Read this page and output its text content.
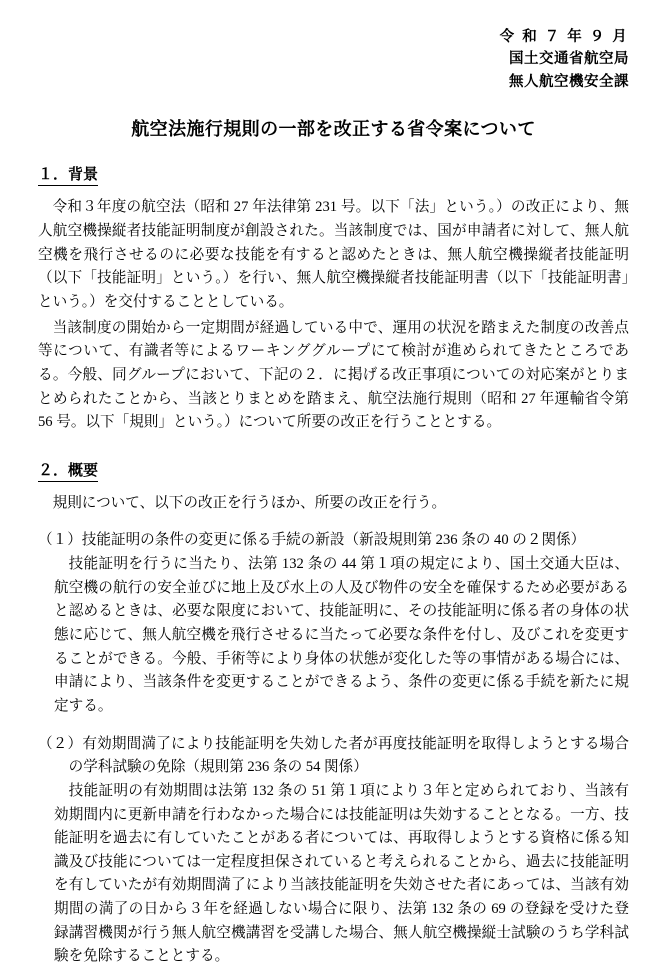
令 和 ７ 年 ９ 月
国土交通省航空局
無人航空機安全課
航空法施行規則の一部を改正する省令案について
１．背景

令和３年度の航空法（昭和 27 年法律第 231 号。以下「法」という。）の改正により、無人航空機操縦者技能証明制度が創設された。当該制度では、国が申請者に対して、無人航空機を飛行させるのに必要な技能を有すると認めたときは、無人航空機操縦者技能証明（以下「技能証明」という。）を行い、無人航空機操縦者技能証明書（以下「技能証明書」という。）を交付することとしている。

当該制度の開始から一定期間が経過している中で、運用の状況を踏まえた制度の改善点等について、有識者等によるワーキンググループにて検討が進められてきたところである。今般、同グループにおいて、下記の２．に掲げる改正事項についての対応案がとりまとめられたことから、当該とりまとめを踏まえ、航空法施行規則（昭和 27 年運輸省令第 56 号。以下「規則」という。）について所要の改正を行うこととする。

２．概要

規則について、以下の改正を行うほか、所要の改正を行う。

（１）技能証明の条件の変更に係る手続の新設（新設規則第 236 条の 40 の２関係）

技能証明を行うに当たり、法第 132 条の 44 第１項の規定により、国土交通大臣は、航空機の航行の安全並びに地上及び水上の人及び物件の安全を確保するため必要があると認めるときは、必要な限度において、技能証明に、その技能証明に係る者の身体の状態に応じて、無人航空機を飛行させるに当たって必要な条件を付し、及びこれを変更することができる。今般、手術等により身体の状態が変化した等の事情がある場合には、申請により、当該条件を変更することができるよう、条件の変更に係る手続を新たに規定する。

（２）有効期間満了により技能証明を失効した者が再度技能証明を取得しようとする場合の学科試験の免除（規則第 236 条の 54 関係）

技能証明の有効期間は法第 132 条の 51 第１項により３年と定められており、当該有効期間内に更新申請を行わなかった場合には技能証明は失効することとなる。一方、技能証明を過去に有していたことがある者については、再取得しようとする資格に係る知識及び技能については一定程度担保されていると考えられることから、過去に技能証明を有していたが有効期間満了により当該技能証明を失効させた者にあっては、当該有効期間の満了の日から３年を経過しない場合に限り、法第 132 条の 69 の登録を受けた登録講習機関が行う無人航空機講習を受講した場合、無人航空機操縦士試験のうち学科試験を免除することとする。
